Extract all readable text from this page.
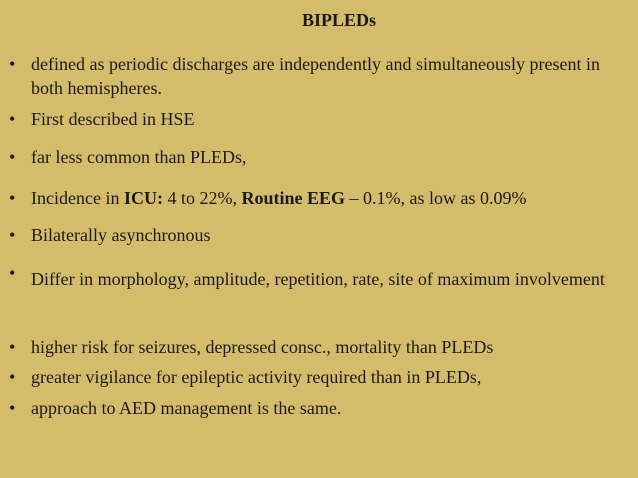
BIPLEDs
• defined as periodic discharges are independently and simultaneously present in both hemispheres.
• First described in HSE
• far less common than PLEDs,
• Incidence in ICU: 4 to 22%, Routine EEG – 0.1%, as low as 0.09%
• Bilaterally asynchronous
• Differ in morphology, amplitude, repetition, rate, site of maximum involvement
• higher risk for seizures, depressed consc., mortality than PLEDs
• greater vigilance for epileptic activity required than in PLEDs,
• approach to AED management is the same.
